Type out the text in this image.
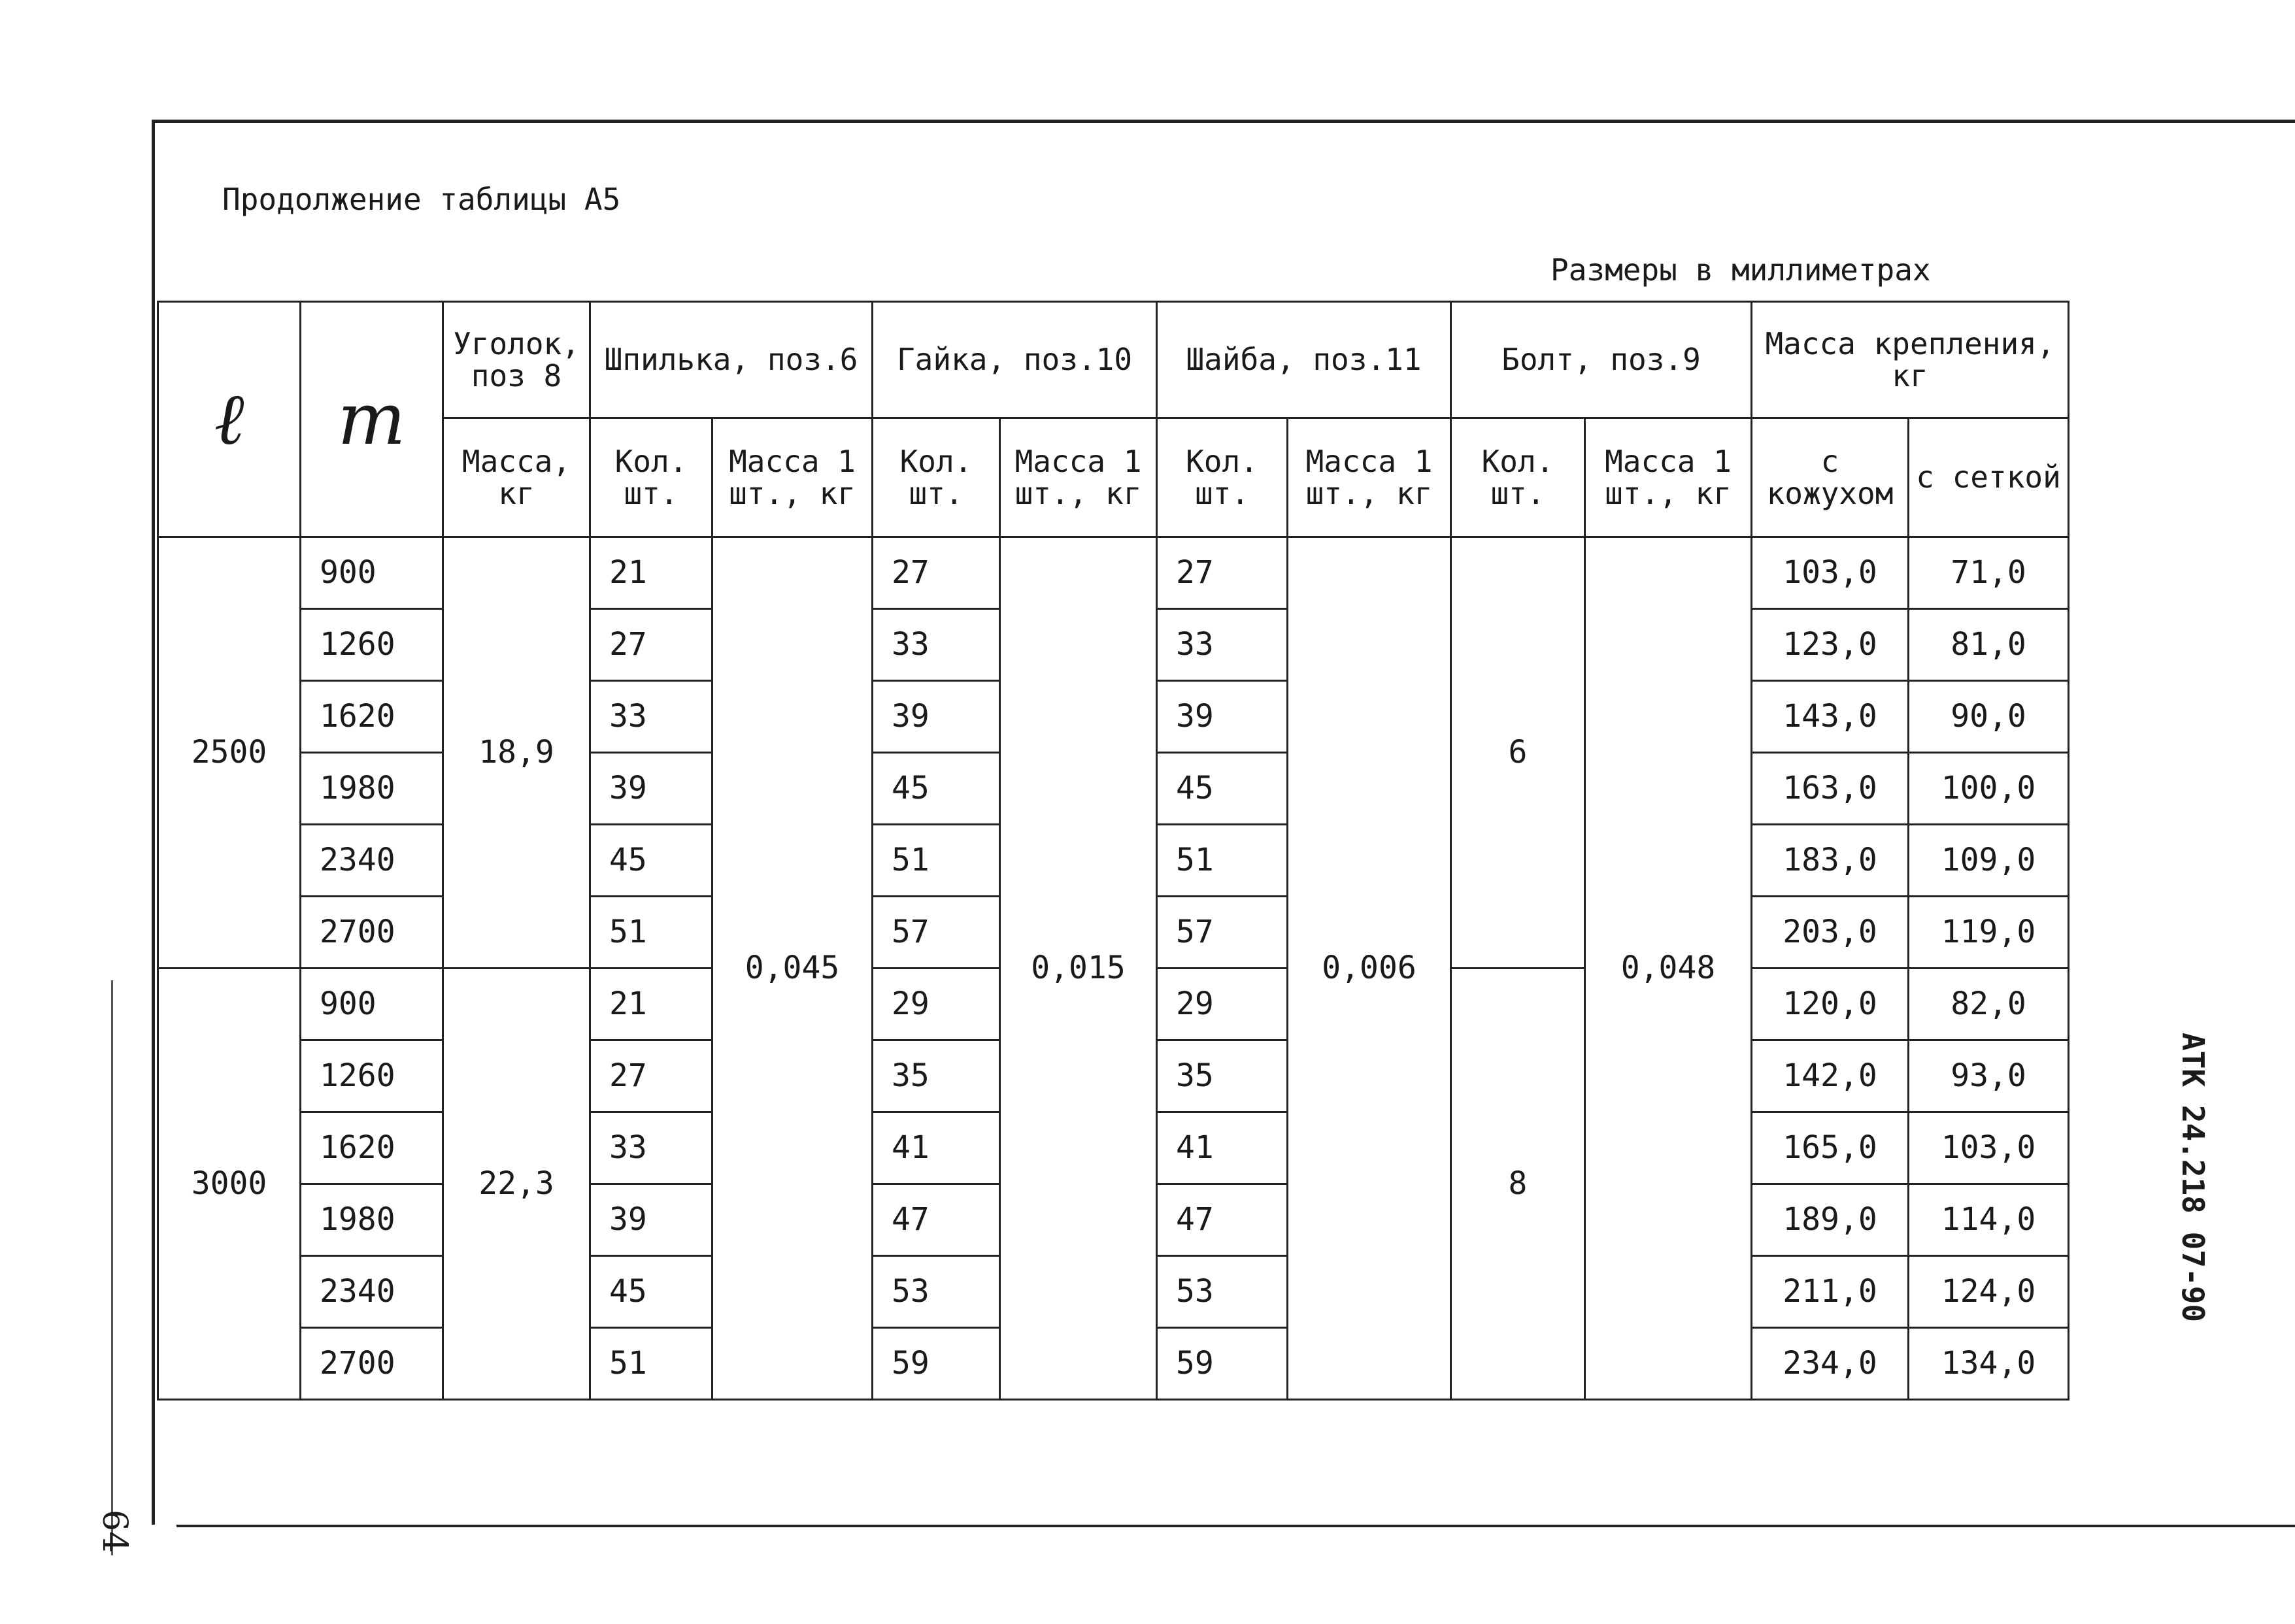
64
Продолжение таблицы А5
Размеры в миллиметрах
АТК 24.218 07-90
ℓ	m	Уголок, поз 8	Шпилька, поз.6		Гайка, поз.10		Шайба, поз.11		Болт, поз.9		Масса крепления, кг	
		Масса, кг	Кол. шт.	Масса 1 шт., кг	Кол. шт.	Масса 1 шт., кг	Кол. шт.	Масса 1 шт., кг	Кол. шт.	Масса 1 шт., кг	с кожухом	с сеткой
2500	900	18,9	21	0,045	27	0,015	27	0,006	6	0,048	103,0	71,0
	1260		27		33		33				123,0	81,0
	1620		33		39		39				143,0	90,0
	1980		39		45		45				163,0	100,0
	2340		45		51		51				183,0	109,0
	2700		51		57		57				203,0	119,0
3000	900	22,3	21		29		29		8		120,0	82,0
	1260		27		35		35				142,0	93,0
	1620		33		41		41				165,0	103,0
	1980		39		47		47				189,0	114,0
	2340		45		53		53				211,0	124,0
	2700		51		59		59				234,0	134,0
